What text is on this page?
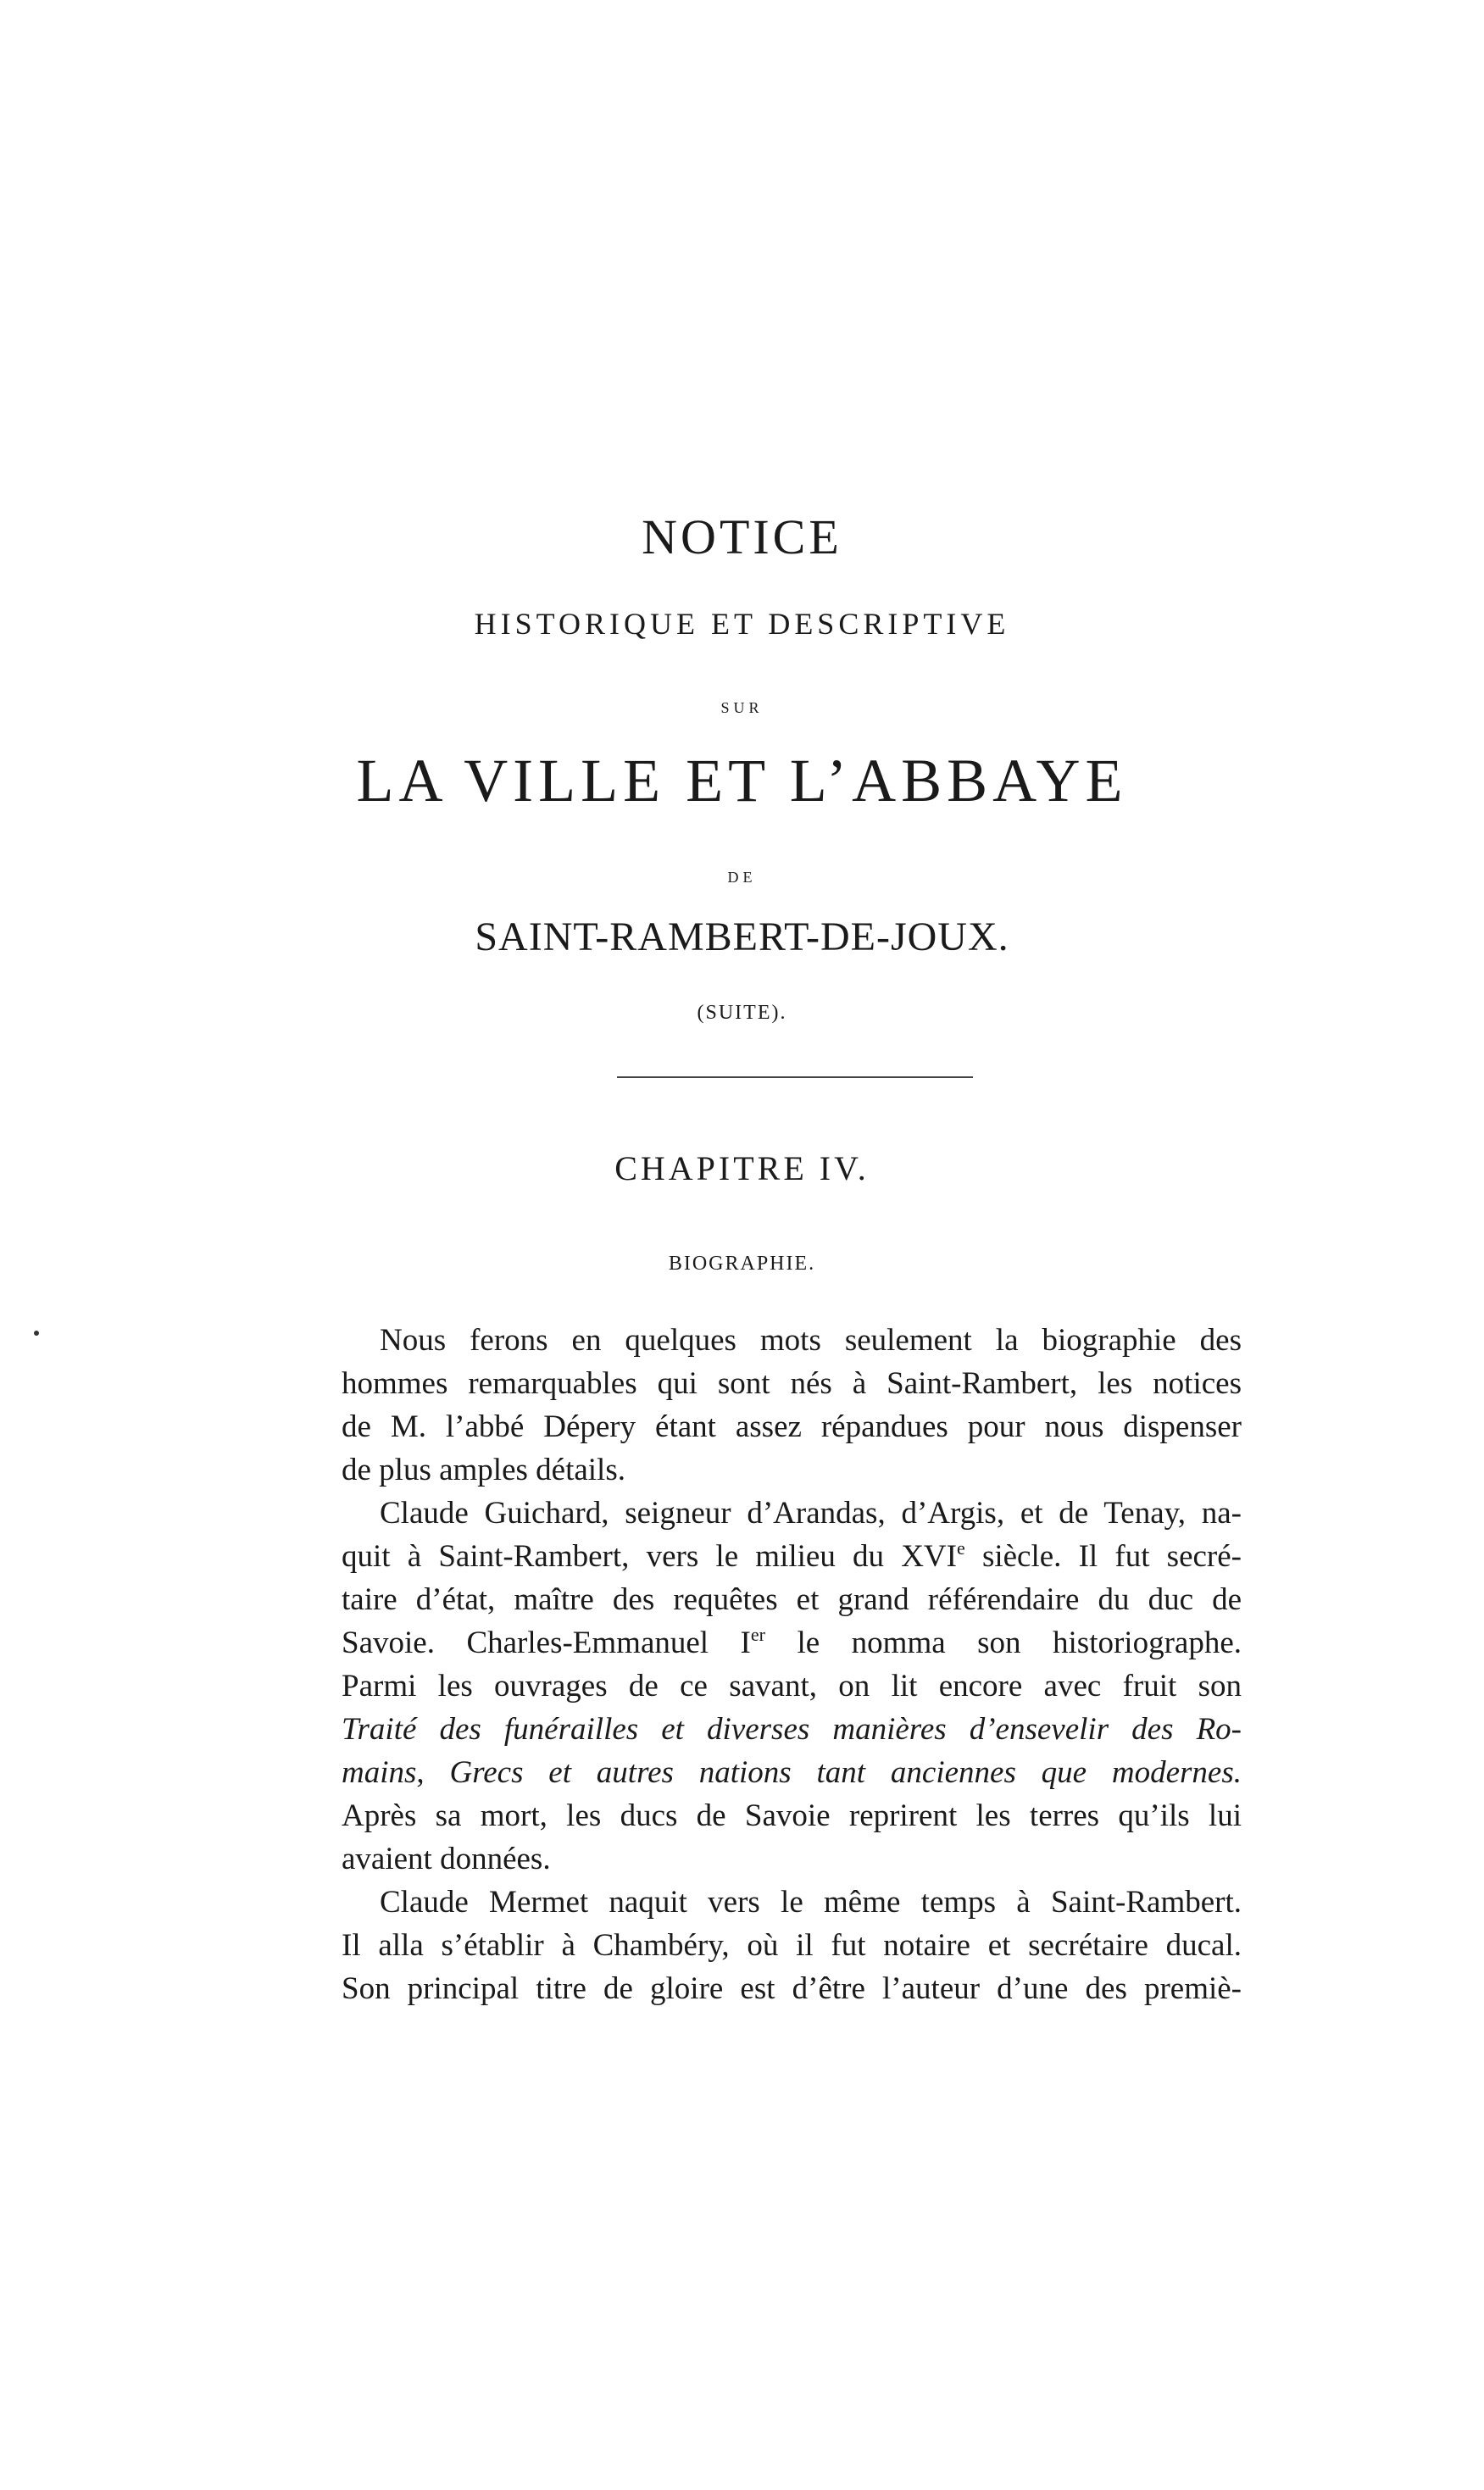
NOTICE
HISTORIQUE ET DESCRIPTIVE
SUR
LA VILLE ET L’ABBAYE
DE
SAINT-RAMBERT-DE-JOUX.
(SUITE).
CHAPITRE IV.
BIOGRAPHIE.
Nous ferons en quelques mots seulement la biographie des
hommes remarquables qui sont nés à Saint-Rambert, les notices
de M. l’abbé Dépery étant assez répandues pour nous dispenser
de plus amples détails.
Claude Guichard, seigneur d’Arandas, d’Argis, et de Tenay, na-
quit à Saint-Rambert, vers le milieu du XVIe siècle. Il fut secré-
taire d’état, maître des requêtes et grand référendaire du duc de
Savoie. Charles-Emmanuel Ier le nomma son historiographe.
Parmi les ouvrages de ce savant, on lit encore avec fruit son
Traité des funérailles et diverses manières d’ensevelir des Ro-
mains, Grecs et autres nations tant anciennes que modernes.
Après sa mort, les ducs de Savoie reprirent les terres qu’ils lui
avaient données.
Claude Mermet naquit vers le même temps à Saint-Rambert.
Il alla s’établir à Chambéry, où il fut notaire et secrétaire ducal.
Son principal titre de gloire est d’être l’auteur d’une des premiè-
